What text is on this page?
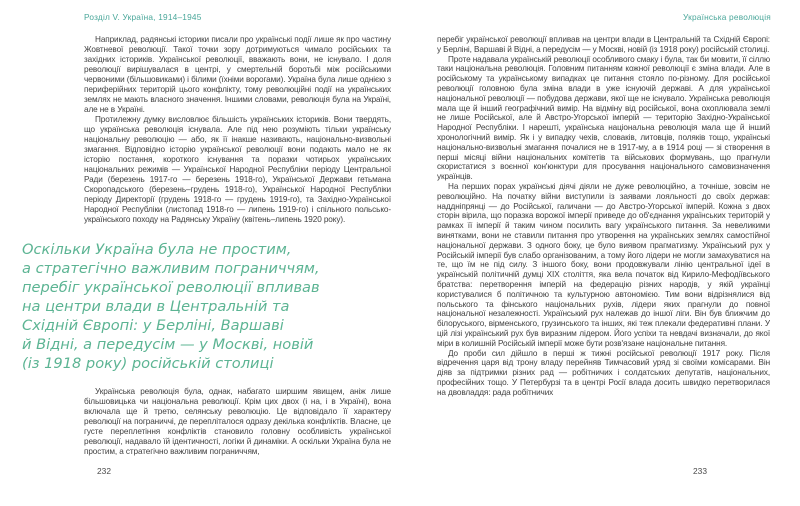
Розділ V. Україна, 1914–1945	Українська революція
Наприклад, радянські історики писали про українські події лише як про частину Жовтневої революції. Такої точки зору дотримуються чимало російських та західних істориків. Української революції, вважають вони, не існувало. І доля революції вирішувалася в центрі, у смертельній боротьбі між російськими червоними (більшовиками) і білими (їхніми ворогами). Україна була лише однією з периферійних територій цього конфлікту, тому революційні події на українських землях не мають власного значення. Іншими словами, революція була на Україні, але не в Україні.
Протилежну думку висловлює більшість українських істориків. Вони твердять, що українська революція існувала. Але під нею розуміють тільки українську національну революцію — або, як її інакше називають, національно-визвольні змагання. Відповідно історію української революції вони подають мало не як історію постання, короткого існування та поразки чотирьох українських національних режимів — Української Народної Республіки періоду Центральної Ради (березень 1917-го — березень 1918-го), Української Держави гетьмана Скоропадського (березень–грудень 1918-го), Української Народної Республіки періоду Директорії (грудень 1918-го — грудень 1919-го), та Західно-Української Народної Республіки (листопад 1918-го — липень 1919-го) і спільного польсько-українського походу на Радянську Україну (квітень–липень 1920 року).
Оскільки Україна була не простим,
а стратегічно важливим пограниччям,
перебіг української революції впливав
на центри влади в Центральній та
Східній Європі: у Берліні, Варшаві
й Відні, а передусім — у Москві, новій
(із 1918 року) російській столиці
Українська революція була, однак, набагато ширшим явищем, аніж лише більшовицька чи національна революції. Крім цих двох (і на, і в Україні), вона включала ще й третю, селянську революцію. Це відповідало її характеру революції на пограниччі, де перепліталося одразу декілька конфліктів. Власне, це густе переплетіння конфліктів становило головну особливість української революції, надавало їй ідентичності, логіки й динаміки. А оскільки Україна була не простим, а стратегічно важливим пограниччям,
перебіг української революції впливав на центри влади в Центральній та Східній Європі: у Берліні, Варшаві й Відні, а передусім — у Москві, новій (із 1918 року) російській столиці.
Проте надавала українській революції особливого смаку і була, так би мовити, її сіллю таки національна революція. Головним питанням кожної революції є зміна влади. Але в російському та українському випадках це питання стояло по-різному. Для російської революції головною була зміна влади в уже існуючій державі. А для української національної революції — побудова держави, якої ще не існувало. Українська революція мала ще й інший географічний вимір. На відміну від російської, вона охоплювала землі не лише Російської, але й Австро-Угорської імперій — територію Західно-Української Народної Республіки. І нарешті, українська національна революція мала ще й інший хронологічний вимір. Як і у випадку чехів, словаків, литовців, поляків тощо, українські національно-визвольні змагання почалися не в 1917-му, а в 1914 році — зі створення в перші місяці війни національних комітетів та військових формувань, що прагнули скористатися з воєнної кон'юнктури для просування національного самовизначення українців.
На перших порах українські діячі діяли не дуже революційно, а точніше, зовсім не революційно. На початку війни виступили із заявами лояльності до своїх держав: наддніпрянці — до Російської, галичани — до Австро-Угорської імперій. Кожна з двох сторін вірила, що поразка ворожої імперії приведе до об'єднання українських територій у рамках її імперії й таким чином посилить вагу українського питання. За невеликими винятками, вони не ставили питання про утворення на українських землях самостійної національної держави. З одного боку, це було виявом прагматизму. Український рух у Російській імперії був слабо організованим, а тому його лідери не могли замахуватися на те, що їм не під силу. З іншого боку, вони продовжували лінію центральної ідеї в українській політичній думці XIX століття, яка вела початок від Кирило-Мефодіївського братства: перетворення імперій на федерацію різних народів, у якій українці користувалися б політичною та культурною автономією. Тим вони відрізнялися від польського та фінського національних рухів, лідери яких прагнули до повної національної незалежності. Український рух належав до іншої ліги. Він був ближчим до білоруського, вірменського, грузинського та інших, які теж плекали федеративні плани. У цій лізі український рух був виразним лідером. Його успіхи та невдачі визначали, до якої міри в колишній Російській імперії може бути розв'язане національне питання.
До проби сил дійшло в перші ж тижні російської революції 1917 року. Після відречення царя від трону владу перейняв Тимчасовий уряд зі своїми комісарами. Він діяв за підтримки різних рад — робітничих і солдатських депутатів, національних, професійних тощо. У Петербурзі та в центрі Росії влада досить швидко перетворилася на двовладдя: рада робітничих
232	233
